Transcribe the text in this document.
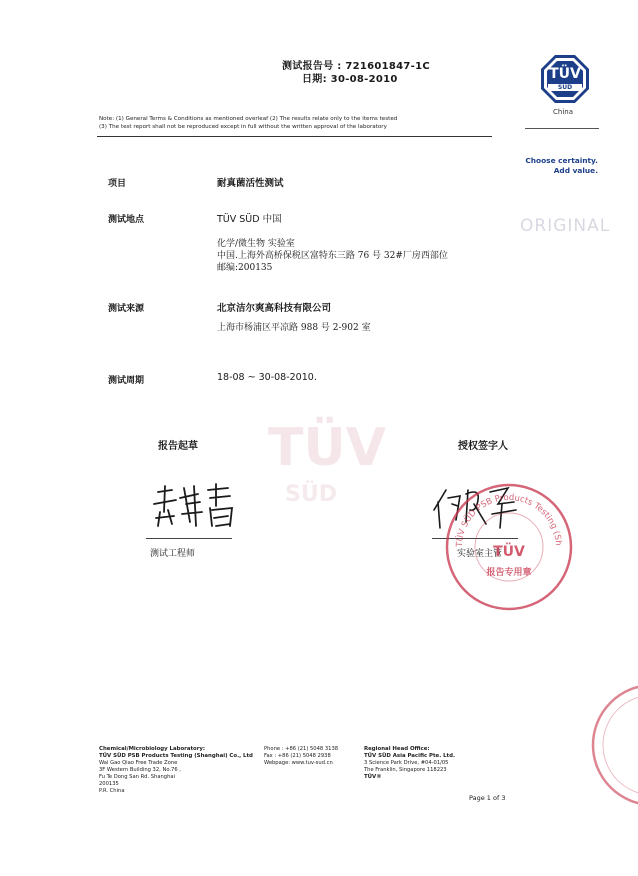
测试报告号 : 721601847-1C
日期: 30-08-2010	TÜV
SÜD
China
Note: (1) General Terms & Conditions as mentioned overleaf (2) The results relate only to the items tested
(3) The test report shall not be reproduced except in full without the written approval of the laboratory
Choose certainty.
Add value.
ORIGINAL
TÜV
SÜD
项目	耐真菌活性测试
测试地点	TÜV SÜD 中国
化学/微生物 实验室
中国.上海外高桥保税区富特东三路 76 号 32#厂房西部位
邮编:200135
测试来源	北京洁尔爽高科技有限公司
上海市杨浦区平凉路 988 号 2-902 室
测试周期	18-08 ~ 30-08-2010.
报告起草	授权签字人
测试工程师	实验室主管
TÜV SÜD PSB Products Testing (Sh
TÜV
报告专用章
Chemical/Microbiology Laboratory:
TÜV SÜD PSB Products Testing (Shanghai) Co., Ltd
Wai Gao Qiao Free Trade Zone
3F Western Building 32, No.76 ,
Fu Te Dong San Rd. Shanghai
200135
P.R. China
Phone : +86 (21) 5048 3138
Fax : +86 (21) 5048 2938
Webpage: www.tuv-sud.cn
Regional Head Office:
TÜV SÜD Asia Pacific Pte. Ltd.
3 Science Park Drive, #04-01/05
The Franklin, Singapore 118223
TÜV®
Page 1 of 3
